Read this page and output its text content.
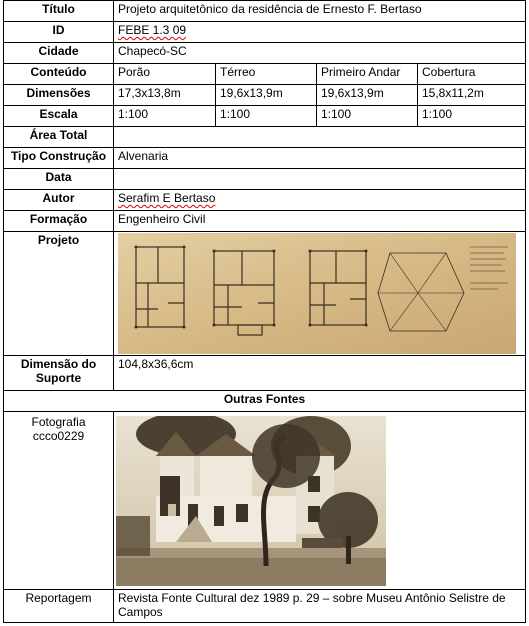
Título	Projeto arquitetônico da residência de Ernesto F. Bertaso			
ID	FEBE 1.3 09			
Cidade	Chapecó-SC			
Conteúdo	Porão	Térreo	Primeiro Andar	Cobertura
Dimensões	17,3x13,8m	19,6x13,9m	19,6x13,9m	15,8x11,2m
Escala	1:100	1:100	1:100	1:100
Área Total				
Tipo Construção	Alvenaria			
Data				
Autor	Serafim E Bertaso			
Formação	Engenheiro Civil			
Projeto	

Dimensão do Suporte	104,8x36,6cm			
Outras Fontes				
Fotografia ccco0229	

Reportagem	Revista Fonte Cultural dez 1989 p. 29 – sobre Museu Antônio Selistre de Campos			
